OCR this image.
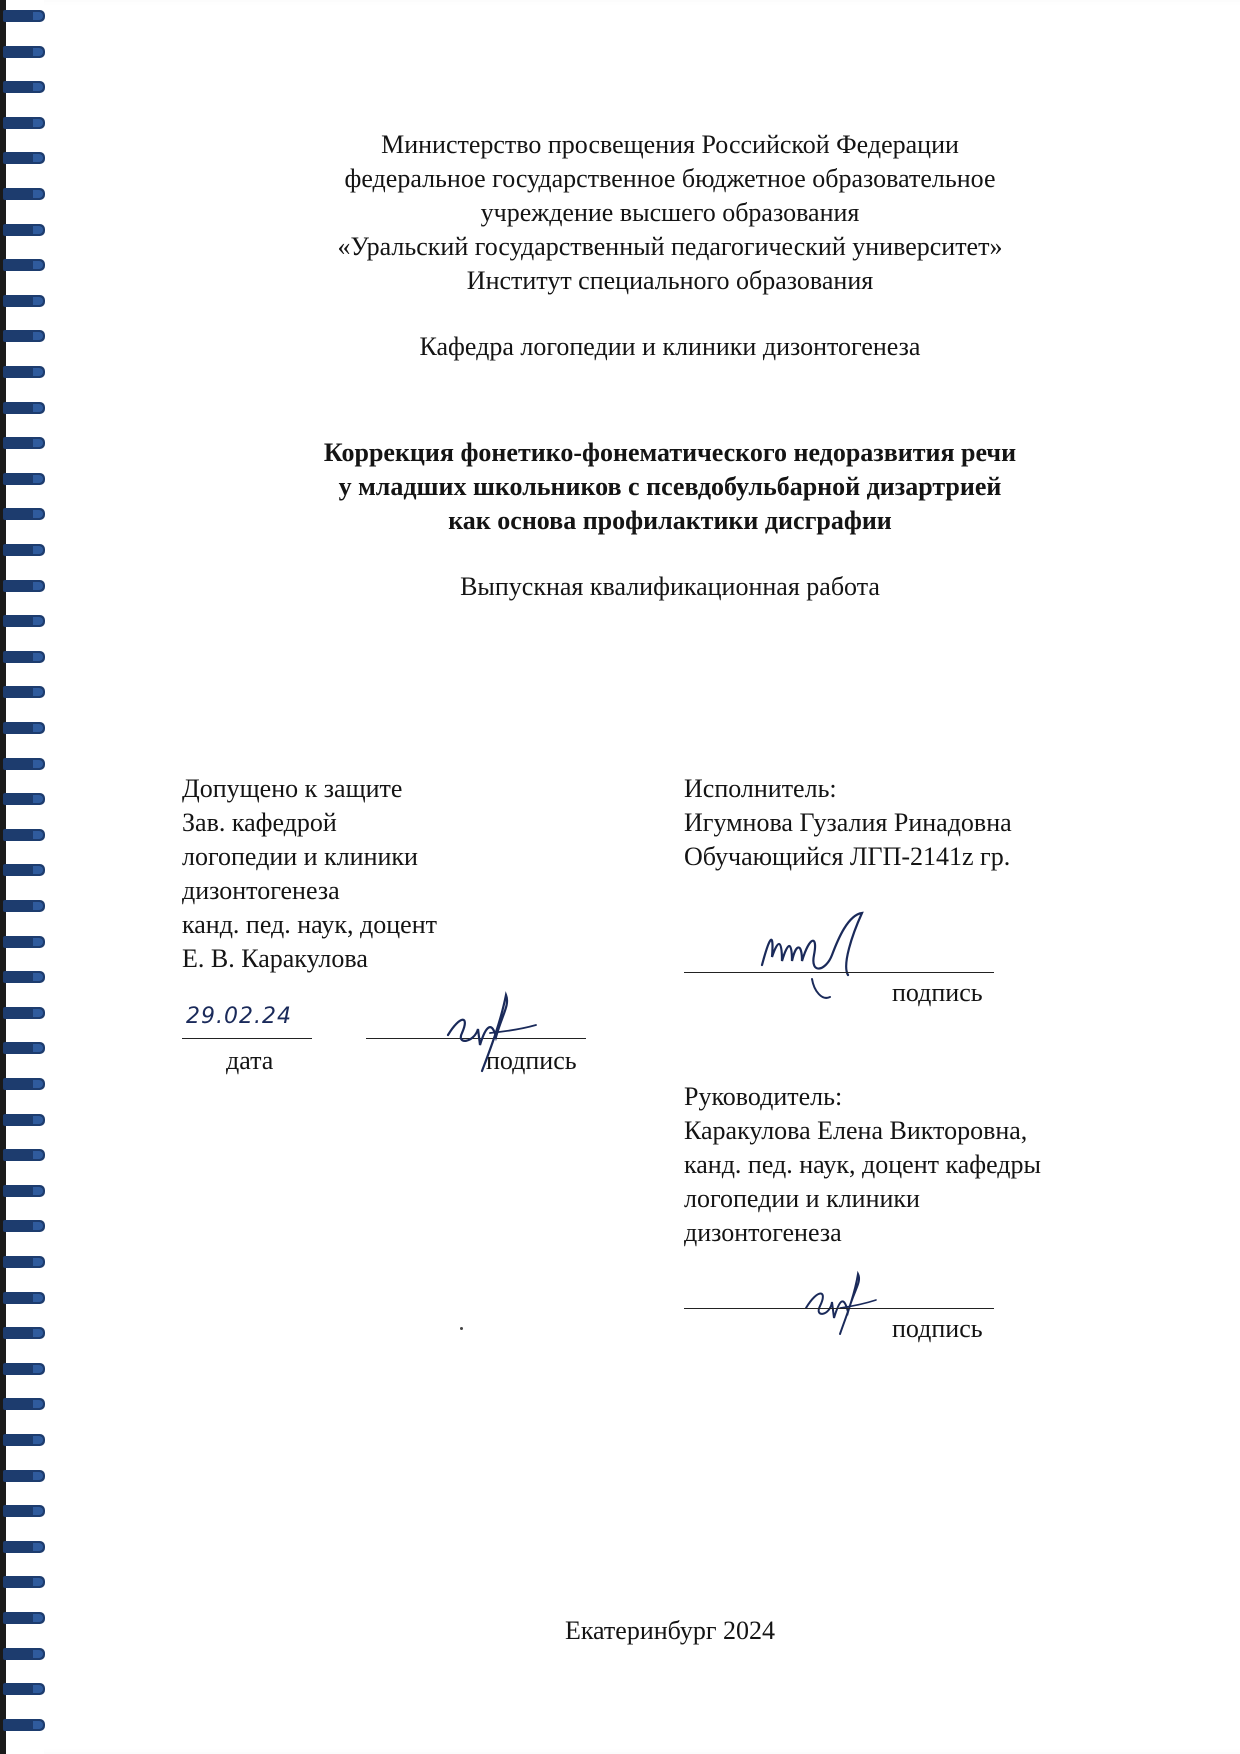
Министерство просвещения Российской Федерации
федеральное государственное бюджетное образовательное
учреждение высшего образования
«Уральский государственный педагогический университет»
Институт специального образования
Кафедра логопедии и клиники дизонтогенеза
Коррекция фонетико-фонематического недоразвития речи
у младших школьников с псевдобульбарной дизартрией
как основа профилактики дисграфии
Выпускная квалификационная работа
Допущено к защите
Зав. кафедрой
логопедии и клиники
дизонтогенеза
канд. пед. наук, доцент
Е. В. Каракулова
29.02.24
дата	подпись
Исполнитель:
Игумнова Гузалия Ринадовна
Обучающийся ЛГП-2141z гр.
подпись
Руководитель:
Каракулова Елена Викторовна,
канд. пед. наук, доцент кафедры
логопедии и клиники
дизонтогенеза
подпись
Екатеринбург 2024
